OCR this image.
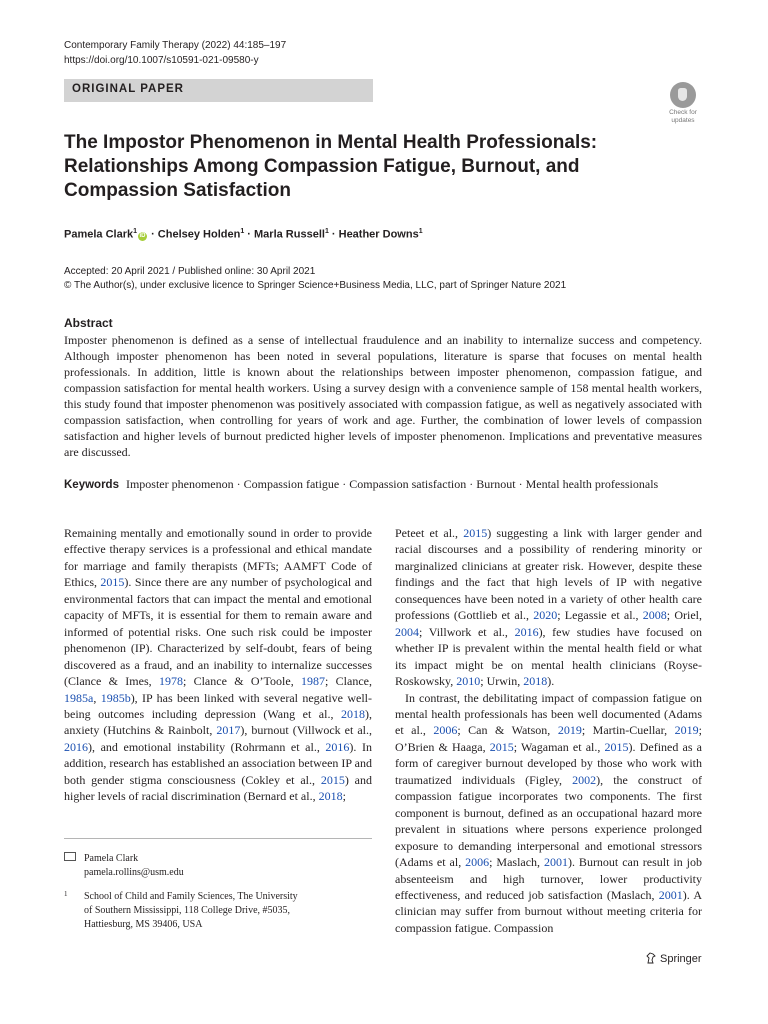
Contemporary Family Therapy (2022) 44:185–197
https://doi.org/10.1007/s10591-021-09580-y
ORIGINAL PAPER
Check for
updates
The Impostor Phenomenon in Mental Health Professionals: Relationships Among Compassion Fatigue, Burnout, and Compassion Satisfaction
Pamela Clark$^1$iD · Chelsey Holden$^1$ · Marla Russell$^1$ · Heather Downs$^1$
Accepted: 20 April 2021 / Published online: 30 April 2021
© The Author(s), under exclusive licence to Springer Science+Business Media, LLC, part of Springer Nature 2021
Abstract
Imposter phenomenon is defined as a sense of intellectual fraudulence and an inability to internalize success and competency. Although imposter phenomenon has been noted in several populations, literature is sparse that focuses on mental health professionals. In addition, little is known about the relationships between imposter phenomenon, compassion fatigue, and compassion satisfaction for mental health workers. Using a survey design with a convenience sample of 158 mental health workers, this study found that imposter phenomenon was positively associated with compassion fatigue, as well as negatively associated with compassion satisfaction, when controlling for years of work and age. Further, the combination of lower levels of compassion satisfaction and higher levels of burnout predicted higher levels of imposter phenomenon. Implications and preventative measures are discussed.
Keywords Imposter phenomenon · Compassion fatigue · Compassion satisfaction · Burnout · Mental health professionals

Remaining mentally and emotionally sound in order to provide effective therapy services is a professional and ethical mandate for marriage and family therapists (MFTs; AAMFT Code of Ethics, 2015). Since there are any number of psychological and environmental factors that can impact the mental and emotional capacity of MFTs, it is essential for them to remain aware and informed of potential risks. One such risk could be imposter phenomenon (IP). Characterized by self-doubt, fears of being discovered as a fraud, and an inability to internalize successes (Clance & Imes, 1978; Clance & O’Toole, 1987; Clance, 1985a, 1985b), IP has been linked with several negative well-being outcomes including depression (Wang et al., 2018), anxiety (Hutchins & Rainbolt, 2017), burnout (Villwock et al., 2016), and emotional instability (Rohrmann et al., 2016). In addition, research has established an association between IP and both gender stigma consciousness (Cokley et al., 2015) and higher levels of racial discrimination (Bernard et al., 2018;

Peteet et al., 2015) suggesting a link with larger gender and racial discourses and a possibility of rendering minority or marginalized clinicians at greater risk. However, despite these findings and the fact that high levels of IP with negative consequences have been noted in a variety of other health care professions (Gottlieb et al., 2020; Legassie et al., 2008; Oriel, 2004; Villwork et al., 2016), few studies have focused on whether IP is prevalent within the mental health field or what its impact might be on mental health clinicians (Royse-Roskowsky, 2010; Urwin, 2018).

In contrast, the debilitating impact of compassion fatigue on mental health professionals has been well documented (Adams et al., 2006; Can & Watson, 2019; Martin-Cuellar, 2019; O’Brien & Haaga, 2015; Wagaman et al., 2015). Defined as a form of caregiver burnout developed by those who work with traumatized individuals (Figley, 2002), the construct of compassion fatigue incorporates two components. The first component is burnout, defined as an occupational hazard more prevalent in situations where persons experience prolonged exposure to demanding interpersonal and emotional stressors (Adams et al, 2006; Maslach, 2001). Burnout can result in job absenteeism and high turnover, lower productivity effectiveness, and reduced job satisfaction (Maslach, 2001). A clinician may suffer from burnout without meeting criteria for compassion fatigue. Compassion

Pamela Clark
pamela.rollins@usm.edu
1 School of Child and Family Sciences, The University
of Southern Mississippi, 118 College Drive, #5035,
Hattiesburg, MS 39406, USA
Springer
